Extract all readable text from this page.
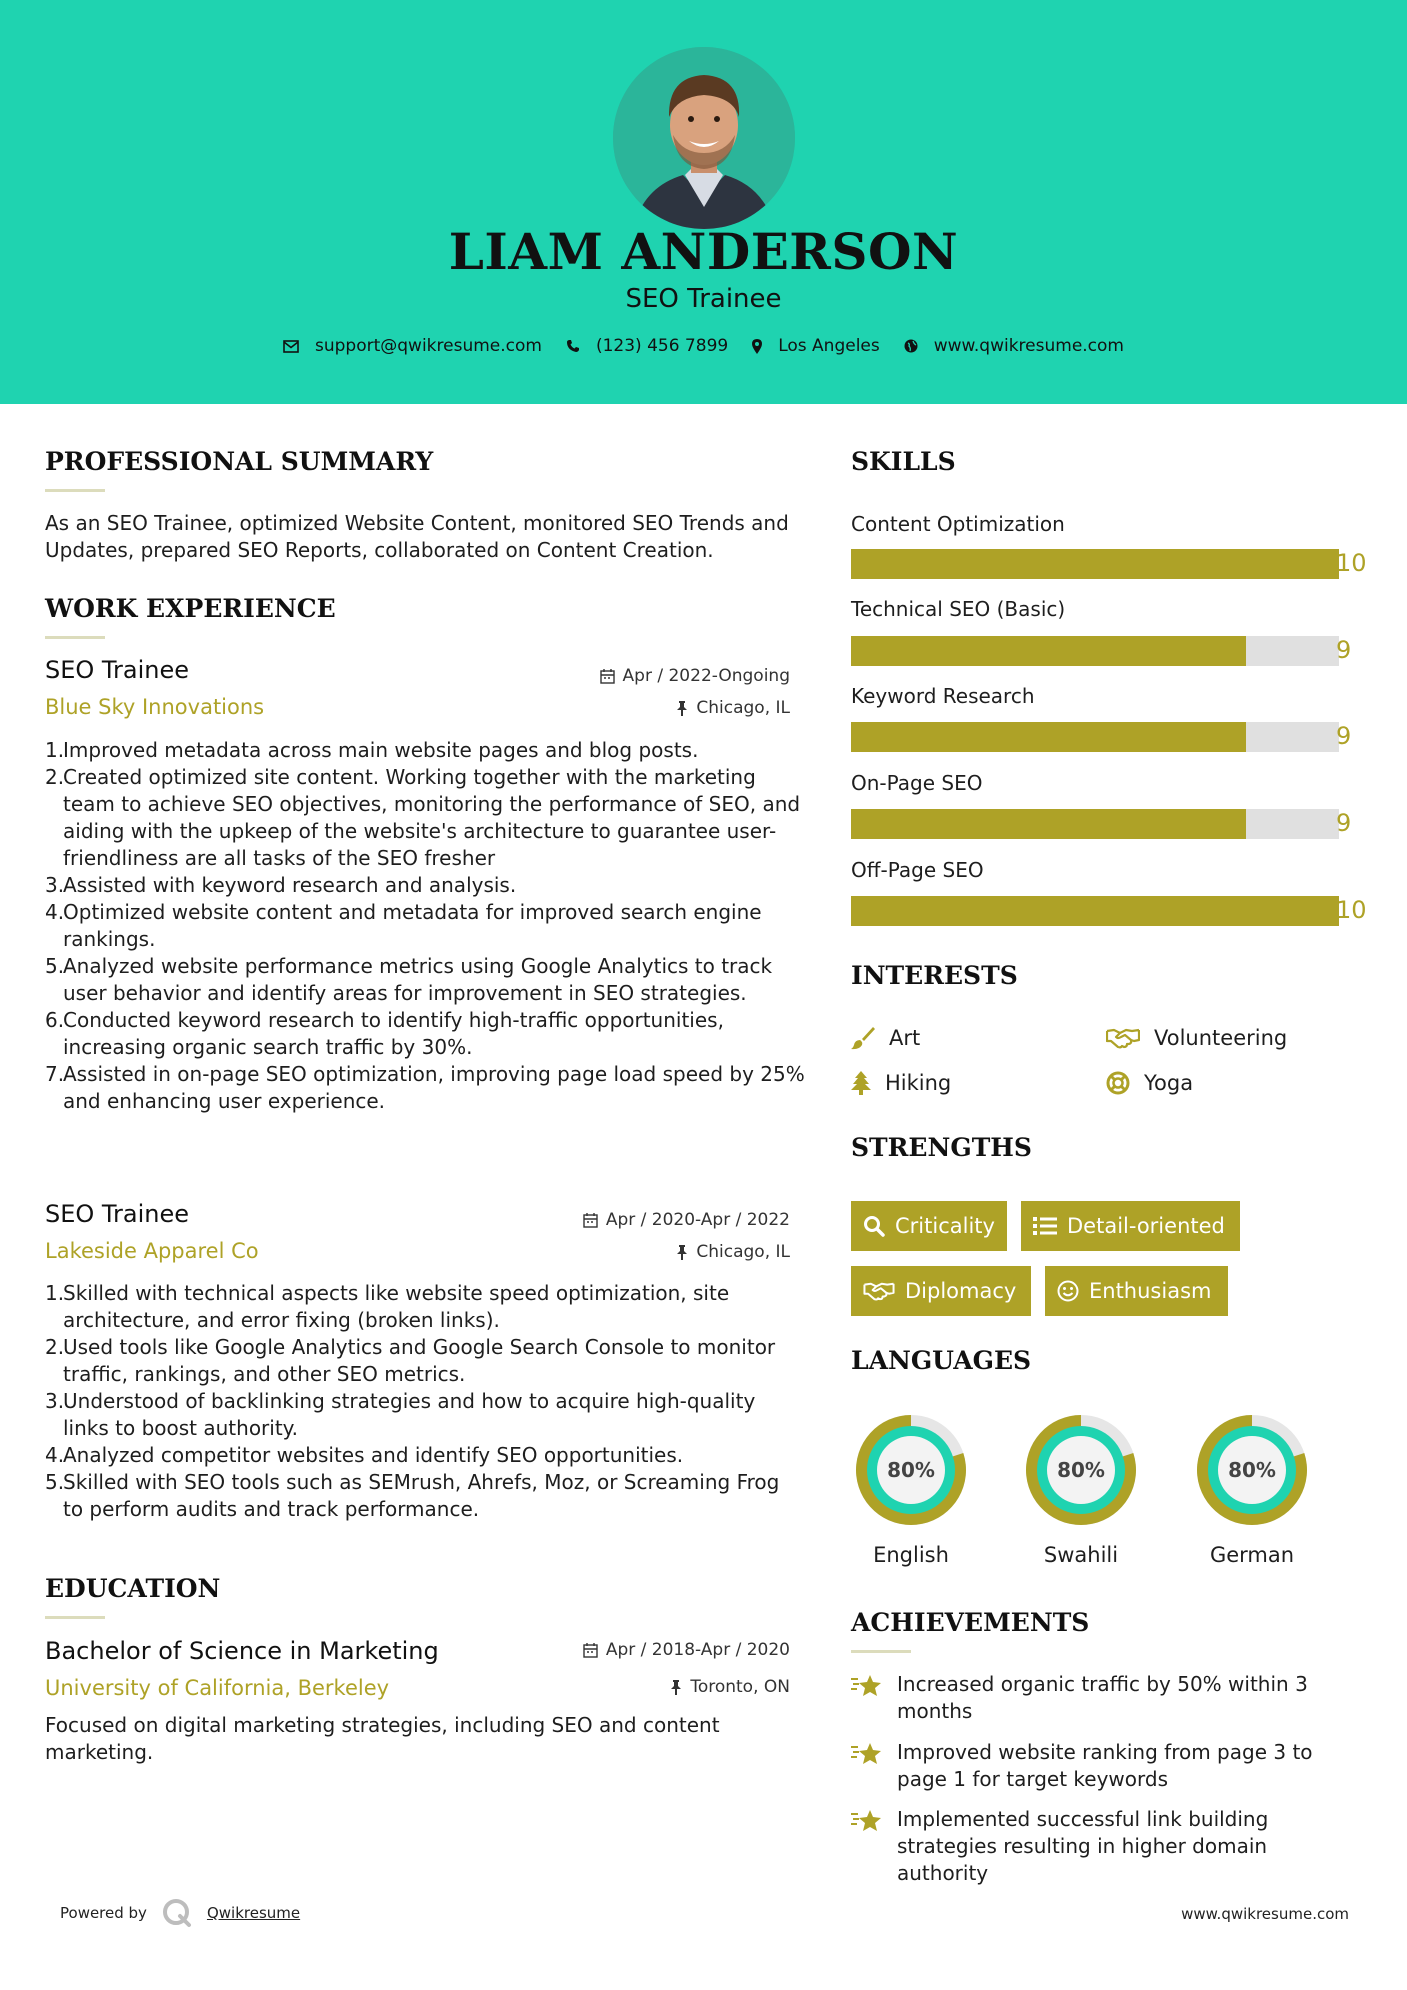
LIAM ANDERSON
SEO Trainee
support@qwikresume.com	(123) 456 7899	Los Angeles	www.qwikresume.com
PROFESSIONAL SUMMARY
As an SEO Trainee, optimized Website Content, monitored SEO Trends and Updates, prepared SEO Reports, collaborated on Content Creation.
WORK EXPERIENCE
SEO Trainee	Apr / 2022-Ongoing
Blue Sky Innovations	Chicago, IL
Improved metadata across main website pages and blog posts.
Created optimized site content. Working together with the marketing team to achieve SEO objectives, monitoring the performance of SEO, and aiding with the upkeep of the website's architecture to guarantee user-friendliness are all tasks of the SEO fresher
Assisted with keyword research and analysis.
Optimized website content and metadata for improved search engine rankings.
Analyzed website performance metrics using Google Analytics to track user behavior and identify areas for improvement in SEO strategies.
Conducted keyword research to identify high-traffic opportunities, increasing organic search traffic by 30%.
Assisted in on-page SEO optimization, improving page load speed by 25% and enhancing user experience.
SEO Trainee	Apr / 2020-Apr / 2022
Lakeside Apparel Co	Chicago, IL
Skilled with technical aspects like website speed optimization, site architecture, and error fixing (broken links).
Used tools like Google Analytics and Google Search Console to monitor traffic, rankings, and other SEO metrics.
Understood of backlinking strategies and how to acquire high-quality links to boost authority.
Analyzed competitor websites and identify SEO opportunities.
Skilled with SEO tools such as SEMrush, Ahrefs, Moz, or Screaming Frog to perform audits and track performance.
EDUCATION
Bachelor of Science in Marketing	Apr / 2018-Apr / 2020
University of California, Berkeley	Toronto, ON
Focused on digital marketing strategies, including SEO and content marketing.
SKILLS
Content Optimization
10
Technical SEO (Basic)
9
Keyword Research
9
On-Page SEO
9
Off-Page SEO
10
INTERESTS
Art	Volunteering
Hiking	Yoga
STRENGTHS
Criticality	Detail-oriented
Diplomacy	Enthusiasm
LANGUAGES
80%
English
80%
Swahili
80%
German
ACHIEVEMENTS
Increased organic traffic by 50% within 3 months
Improved website ranking from page 3 to page 1 for target keywords
Implemented successful link building strategies resulting in higher domain authority
Powered by	Qwikresume	www.qwikresume.com
